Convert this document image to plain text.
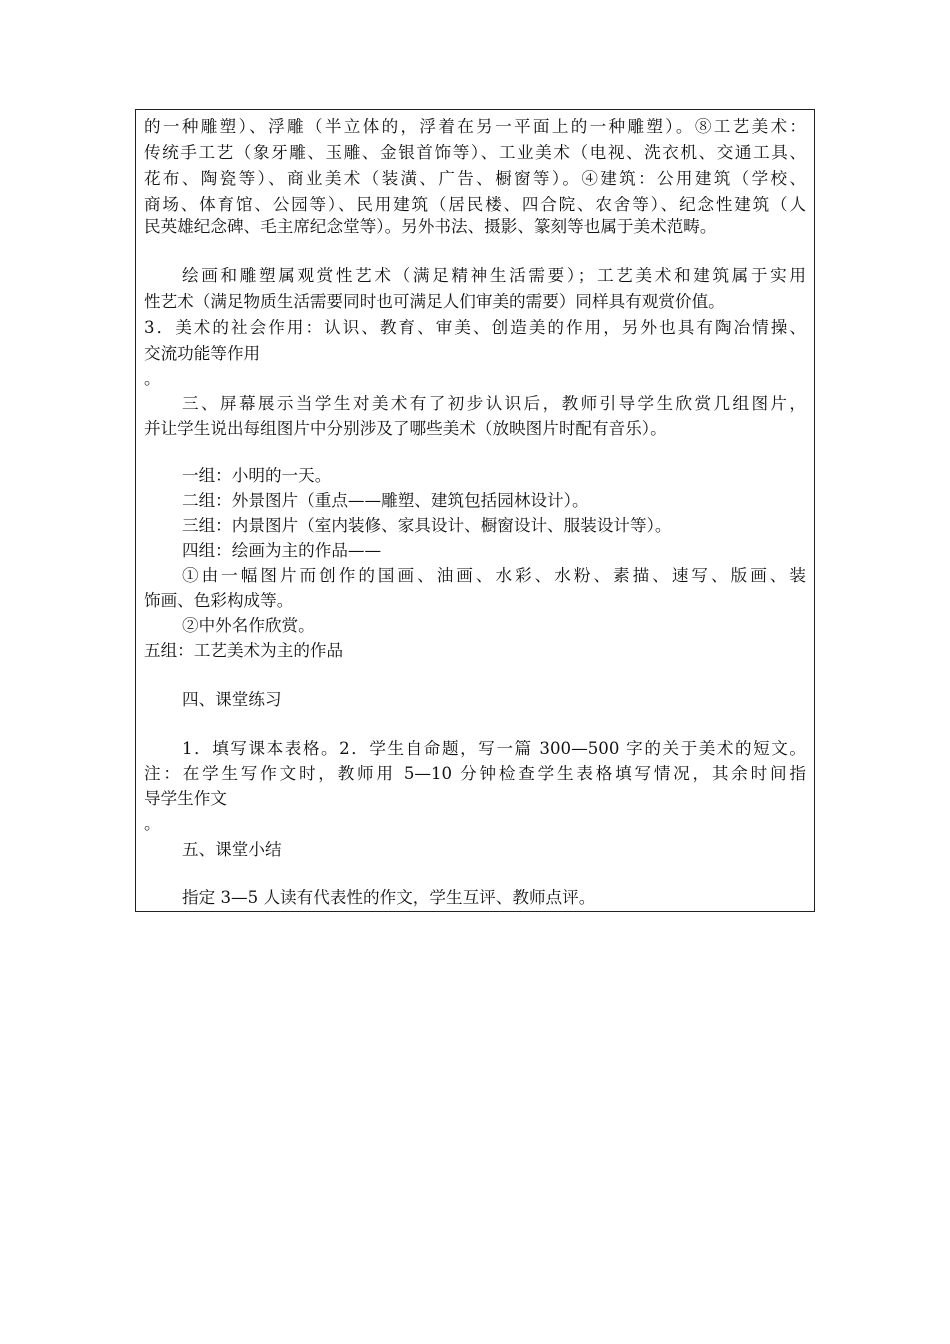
的一种雕塑）、浮雕（半立体的，浮着在另一平面上的一种雕塑）。⑧工艺美术：
传统手工艺（象牙雕、玉雕、金银首饰等）、工业美术（电视、洗衣机、交通工具、
花布、陶瓷等）、商业美术（装潢、广告、橱窗等）。④建筑：公用建筑（学校、
商场、体育馆、公园等）、民用建筑（居民楼、四合院、农舍等）、纪念性建筑（人
民英雄纪念碑、毛主席纪念堂等）。另外书法、摄影、篆刻等也属于美术范畴。
绘画和雕塑属观赏性艺术（满足精神生活需要）；工艺美术和建筑属于实用
性艺术（满足物质生活需要同时也可满足人们审美的需要）同样具有观赏价值。
3．美术的社会作用：认识、教育、审美、创造美的作用，另外也具有陶冶情操、
交流功能等作用
。
三、屏幕展示当学生对美术有了初步认识后，教师引导学生欣赏几组图片，
并让学生说出每组图片中分别涉及了哪些美术（放映图片时配有音乐）。
一组：小明的一天。
二组：外景图片（重点——雕塑、建筑包括园林设计）。
三组：内景图片（室内装修、家具设计、橱窗设计、服装设计等）。
四组：绘画为主的作品——
①由一幅图片而创作的国画、油画、水彩、水粉、素描、速写、版画、装
饰画、色彩构成等。
②中外名作欣赏。
五组：工艺美术为主的作品
四、课堂练习
1．填写课本表格。2．学生自命题，写一篇 300—500 字的关于美术的短文。
注：在学生写作文时，教师用 5—10 分钟检查学生表格填写情况，其余时间指
导学生作文
。
五、课堂小结
指定 3—5 人读有代表性的作文，学生互评、教师点评。
